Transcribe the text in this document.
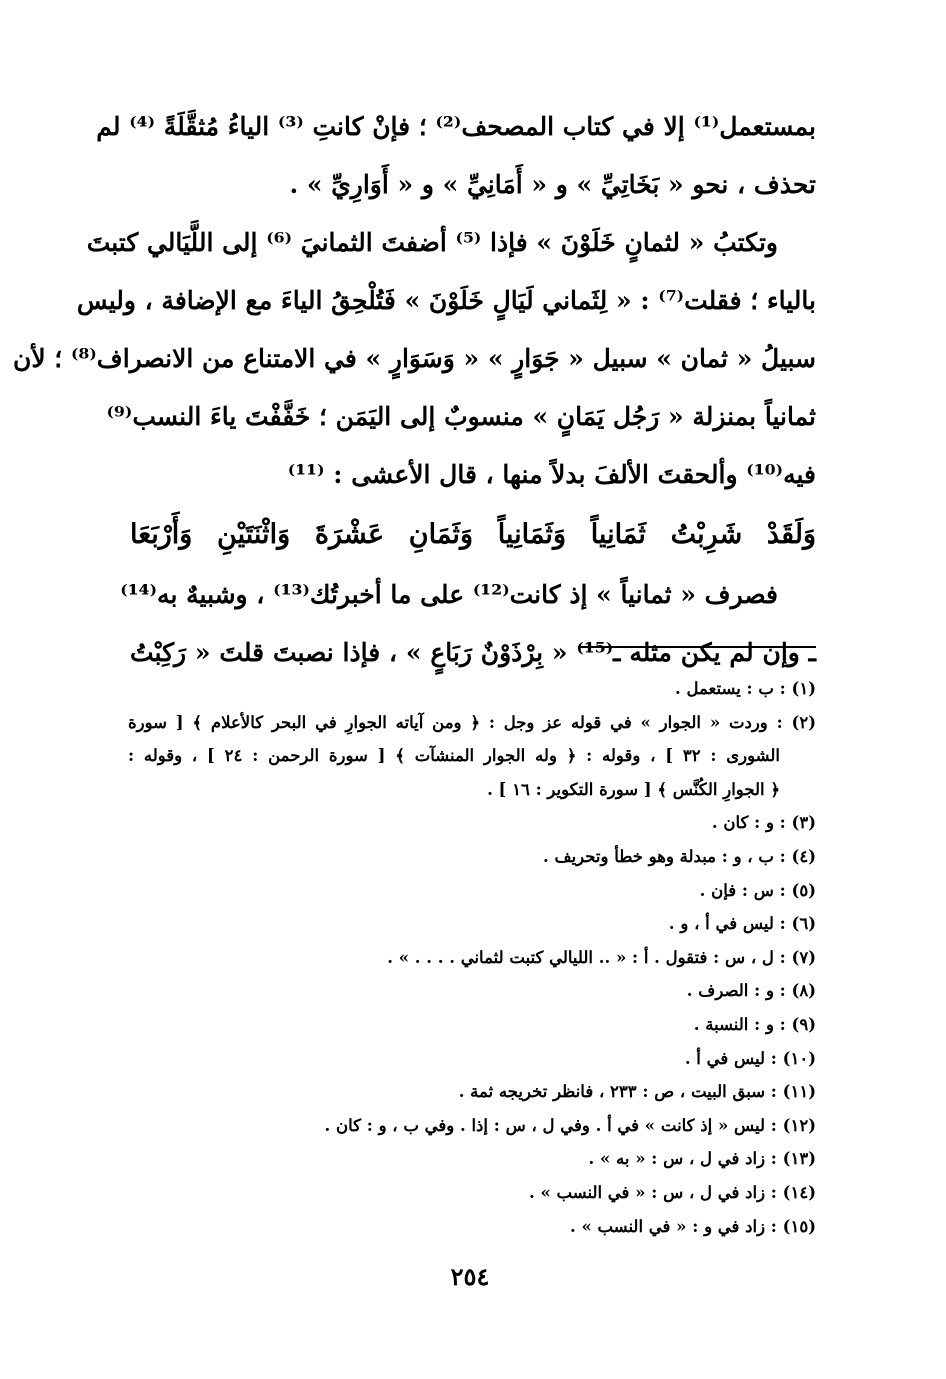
بمستعمل⁽¹⁾ إلا في كتاب المصحف⁽²⁾ ؛ فإنْ كانتِ ⁽³⁾ الياءُ مُثقَّلَةً ⁽⁴⁾ لم
تحذف ، نحو « بَخَاتِيِّ » و « أَمَانِيِّ » و « أَوَارِيِّ » .
وتكتبُ « لثمانٍ خَلَوْنَ » فإذا ⁽⁵⁾ أضفتَ الثمانيَ ⁽⁶⁾ إلى اللَّيَالي كتبتَ
بالياء ؛ فقلت⁽⁷⁾ : « لِثَماني لَيَالٍ خَلَوْنَ » فَتُلْحِقُ الياءَ مع الإضافة ، وليس
سبيلُ « ثمان » سبيل « جَوَارٍ » « وَسَوَارٍ » في الامتناع من الانصراف⁽⁸⁾ ؛ لأن
ثمانياً بمنزلة « رَجُل يَمَانٍ » منسوبٌ إلى اليَمَن ؛ خَفَّفْتَ ياءَ النسب⁽⁹⁾
فيه⁽¹⁰⁾ وألحقتَ الألفَ بدلاً منها ، قال الأعشى : ⁽¹¹⁾
وَلَقَدْ شَرِبْتُ ثَمَانِياً وَثَمَانِياً وَثَمَانِ عَشْرَةَ وَاثْنَتَيْنِ وَأَرْبَعَا
فصرف « ثمانياً » إذ كانت⁽¹²⁾ على ما أخبرتُك⁽¹³⁾ ، وشبيهٌ به⁽¹⁴⁾
ـ وإن لم يكن مثله ـ⁽¹⁵⁾ « بِرْذَوْنٌ رَبَاعٍ » ، فإذا نصبتَ قلتَ « رَكِبْتُ
(١) : ب : يستعمل .
(٢) : وردت « الجوار » في قوله عز وجل : ﴿ ومن آياته الجوارِ في البحر كالأعلام ﴾ [ سورة
الشورى : ٣٢ ] ، وقوله : ﴿ وله الجوار المنشآت ﴾ [ سورة الرحمن : ٢٤ ] ، وقوله :
﴿ الجوارِ الكُنَّس ﴾ [ سورة التكوير : ١٦ ] .
(٣) : و : كان .
(٤) : ب ، و : مبدلة وهو خطأ وتحريف .
(٥) : س : فإن .
(٦) : ليس في أ ، و .
(٧) : ل ، س : فتقول . أ : « .. الليالي كتبت لثماني . . . . » .
(٨) : و : الصرف .
(٩) : و : النسبة .
(١٠) : ليس في أ .
(١١) : سبق البيت ، ص : ٢٣٣ ، فانظر تخريجه ثمة .
(١٢) : ليس « إذ كانت » في أ . وفي ل ، س : إذا . وفي ب ، و : كان .
(١٣) : زاد في ل ، س : « به » .
(١٤) : زاد في ل ، س : « في النسب » .
(١٥) : زاد في و : « في النسب » .
٢٥٤
